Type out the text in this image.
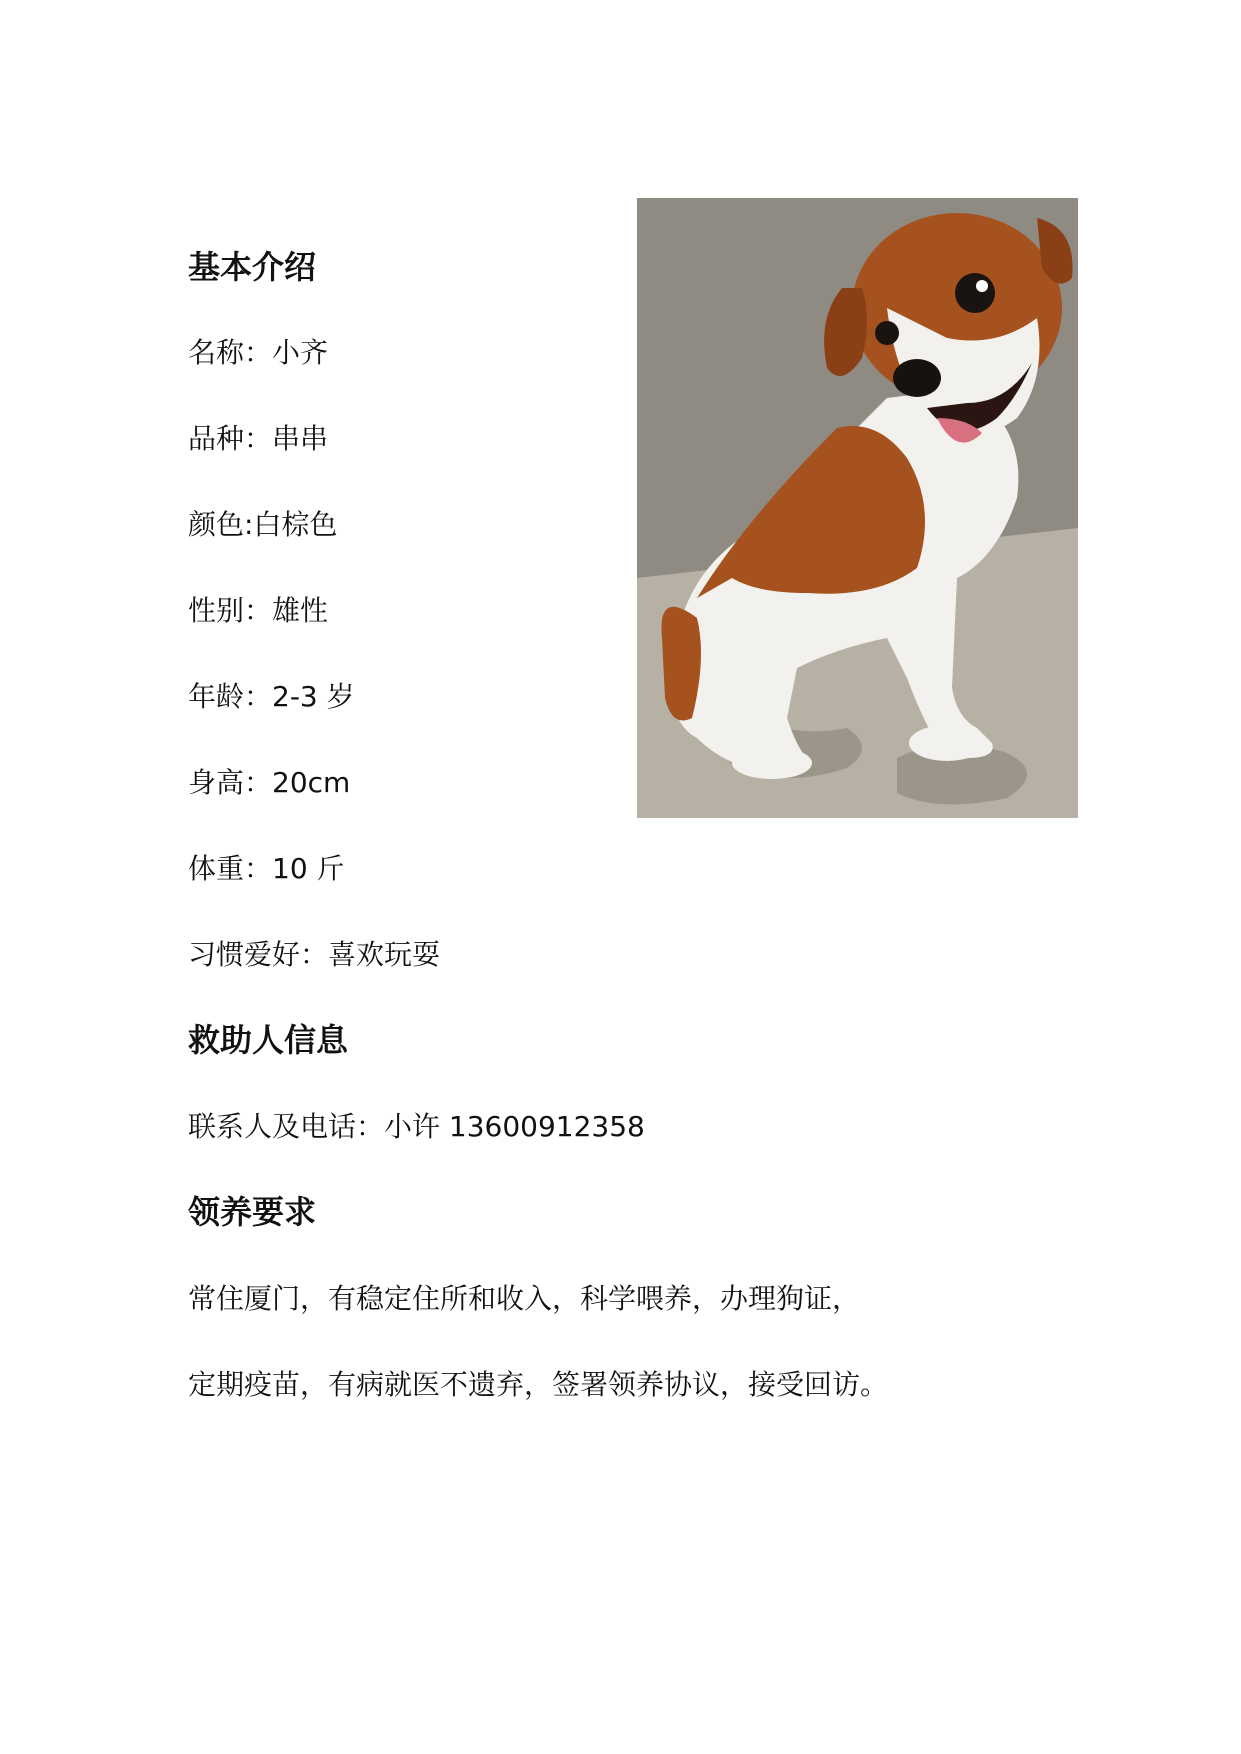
基本介绍
名称：小齐
品种：串串
颜色:白棕色
性别：雄性
年龄：2-3 岁
身高：20cm
体重：10 斤
习惯爱好：喜欢玩耍
救助人信息
联系人及电话：小许 13600912358
领养要求
常住厦门，有稳定住所和收入，科学喂养，办理狗证，
定期疫苗，有病就医不遗弃，签署领养协议，接受回访。
